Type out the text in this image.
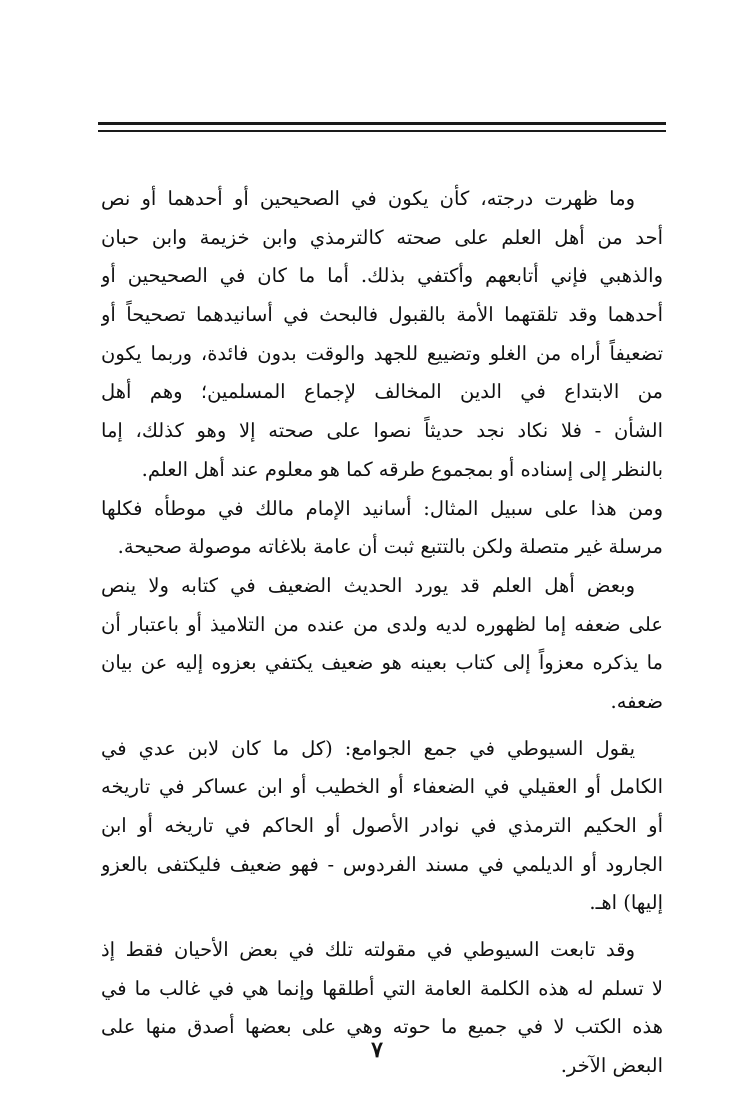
وما ظهرت درجته، كأن يكون في الصحيحين أو أحدهما أو نص
أحد من أهل العلم على صحته كالترمذي وابن خزيمة وابن حبان
والذهبي فإني أتابعهم وأكتفي بذلك. أما ما كان في الصحيحين أو
أحدهما وقد تلقتهما الأمة بالقبول فالبحث في أسانيدهما تصحيحاً أو
تضعيفاً أراه من الغلو وتضييع للجهد والوقت بدون فائدة، وربما يكون
من الابتداع في الدين المخالف لإجماع المسلمين؛ وهم أهل
الشأن - فلا نكاد نجد حديثاً نصوا على صحته إلا وهو كذلك، إما
بالنظر إلى إسناده أو بمجموع طرقه كما هو معلوم عند أهل العلم.
ومن هذا على سبيل المثال: أسانيد الإمام مالك في موطأه فكلها
مرسلة غير متصلة ولكن بالتتبع ثبت أن عامة بلاغاته موصولة صحيحة.
وبعض أهل العلم قد يورد الحديث الضعيف في كتابه ولا ينص
على ضعفه إما لظهوره لديه ولدى من عنده من التلاميذ أو باعتبار أن
ما يذكره معزواً إلى كتاب بعينه هو ضعيف يكتفي بعزوه إليه عن بيان
ضعفه.
يقول السيوطي في جمع الجوامع: (كل ما كان لابن عدي في
الكامل أو العقيلي في الضعفاء أو الخطيب أو ابن عساكر في تاريخه
أو الحكيم الترمذي في نوادر الأصول أو الحاكم في تاريخه أو ابن
الجارود أو الديلمي في مسند الفردوس - فهو ضعيف فليكتفى بالعزو
إليها) اهـ.
وقد تابعت السيوطي في مقولته تلك في بعض الأحيان فقط إذ
لا تسلم له هذه الكلمة العامة التي أطلقها وإنما هي في غالب ما في
هذه الكتب لا في جميع ما حوته وهي على بعضها أصدق منها على
البعض الآخر.
٧
